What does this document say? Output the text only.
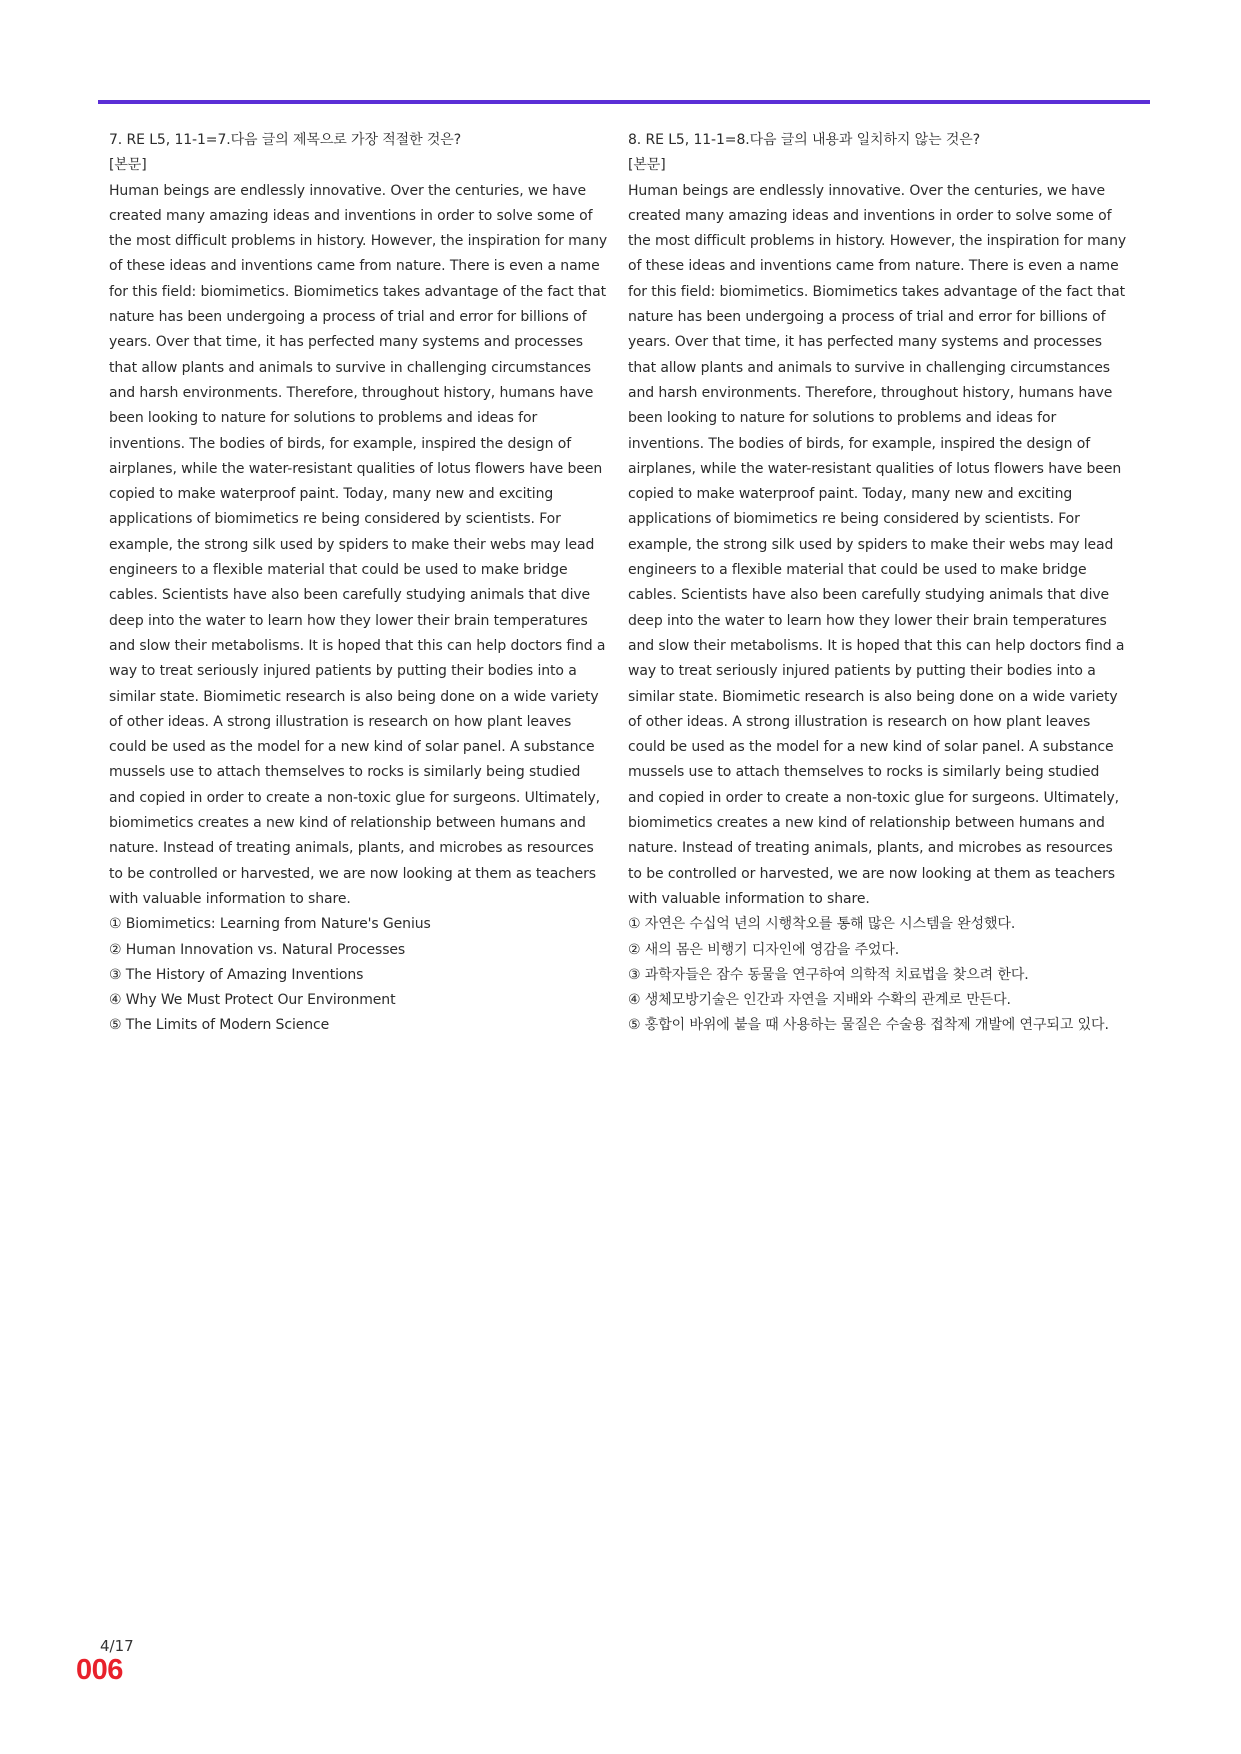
7. RE L5, 11-1=7.다음 글의 제목으로 가장 적절한 것은?

[본문]

Human beings are endlessly innovative. Over the centuries, we have created many amazing ideas and inventions in order to solve some of the most difficult problems in history. However, the inspiration for many of these ideas and inventions came from nature. There is even a name for this field: biomimetics. Biomimetics takes advantage of the fact that nature has been undergoing a process of trial and error for billions of years. Over that time, it has perfected many systems and processes that allow plants and animals to survive in challenging circumstances and harsh environments. Therefore, throughout history, humans have been looking to nature for solutions to problems and ideas for inventions. The bodies of birds, for example, inspired the design of airplanes, while the water-resistant qualities of lotus flowers have been copied to make waterproof paint. Today, many new and exciting applications of biomimetics re being considered by scientists. For example, the strong silk used by spiders to make their webs may lead engineers to a flexible material that could be used to make bridge cables. Scientists have also been carefully studying animals that dive deep into the water to learn how they lower their brain temperatures and slow their metabolisms. It is hoped that this can help doctors find a way to treat seriously injured patients by putting their bodies into a similar state. Biomimetic research is also being done on a wide variety of other ideas. A strong illustration is research on how plant leaves could be used as the model for a new kind of solar panel. A substance mussels use to attach themselves to rocks is similarly being studied and copied in order to create a non-toxic glue for surgeons. Ultimately, biomimetics creates a new kind of relationship between humans and nature. Instead of treating animals, plants, and microbes as resources to be controlled or harvested, we are now looking at them as teachers with valuable information to share.

① Biomimetics: Learning from Nature's Genius
② Human Innovation vs. Natural Processes
③ The History of Amazing Inventions
④ Why We Must Protect Our Environment
⑤ The Limits of Modern Science

8. RE L5, 11-1=8.다음 글의 내용과 일치하지 않는 것은?

[본문]

Human beings are endlessly innovative. Over the centuries, we have created many amazing ideas and inventions in order to solve some of the most difficult problems in history. However, the inspiration for many of these ideas and inventions came from nature. There is even a name for this field: biomimetics. Biomimetics takes advantage of the fact that nature has been undergoing a process of trial and error for billions of years. Over that time, it has perfected many systems and processes that allow plants and animals to survive in challenging circumstances and harsh environments. Therefore, throughout history, humans have been looking to nature for solutions to problems and ideas for inventions. The bodies of birds, for example, inspired the design of airplanes, while the water-resistant qualities of lotus flowers have been copied to make waterproof paint. Today, many new and exciting applications of biomimetics re being considered by scientists. For example, the strong silk used by spiders to make their webs may lead engineers to a flexible material that could be used to make bridge cables. Scientists have also been carefully studying animals that dive deep into the water to learn how they lower their brain temperatures and slow their metabolisms. It is hoped that this can help doctors find a way to treat seriously injured patients by putting their bodies into a similar state. Biomimetic research is also being done on a wide variety of other ideas. A strong illustration is research on how plant leaves could be used as the model for a new kind of solar panel. A substance mussels use to attach themselves to rocks is similarly being studied and copied in order to create a non-toxic glue for surgeons. Ultimately, biomimetics creates a new kind of relationship between humans and nature. Instead of treating animals, plants, and microbes as resources to be controlled or harvested, we are now looking at them as teachers with valuable information to share.

① 자연은 수십억 년의 시행착오를 통해 많은 시스템을 완성했다.
② 새의 몸은 비행기 디자인에 영감을 주었다.
③ 과학자들은 잠수 동물을 연구하여 의학적 치료법을 찾으려 한다.
④ 생체모방기술은 인간과 자연을 지배와 수확의 관계로 만든다.
⑤ 홍합이 바위에 붙을 때 사용하는 물질은 수술용 접착제 개발에 연구되고 있다.
4/17
006
